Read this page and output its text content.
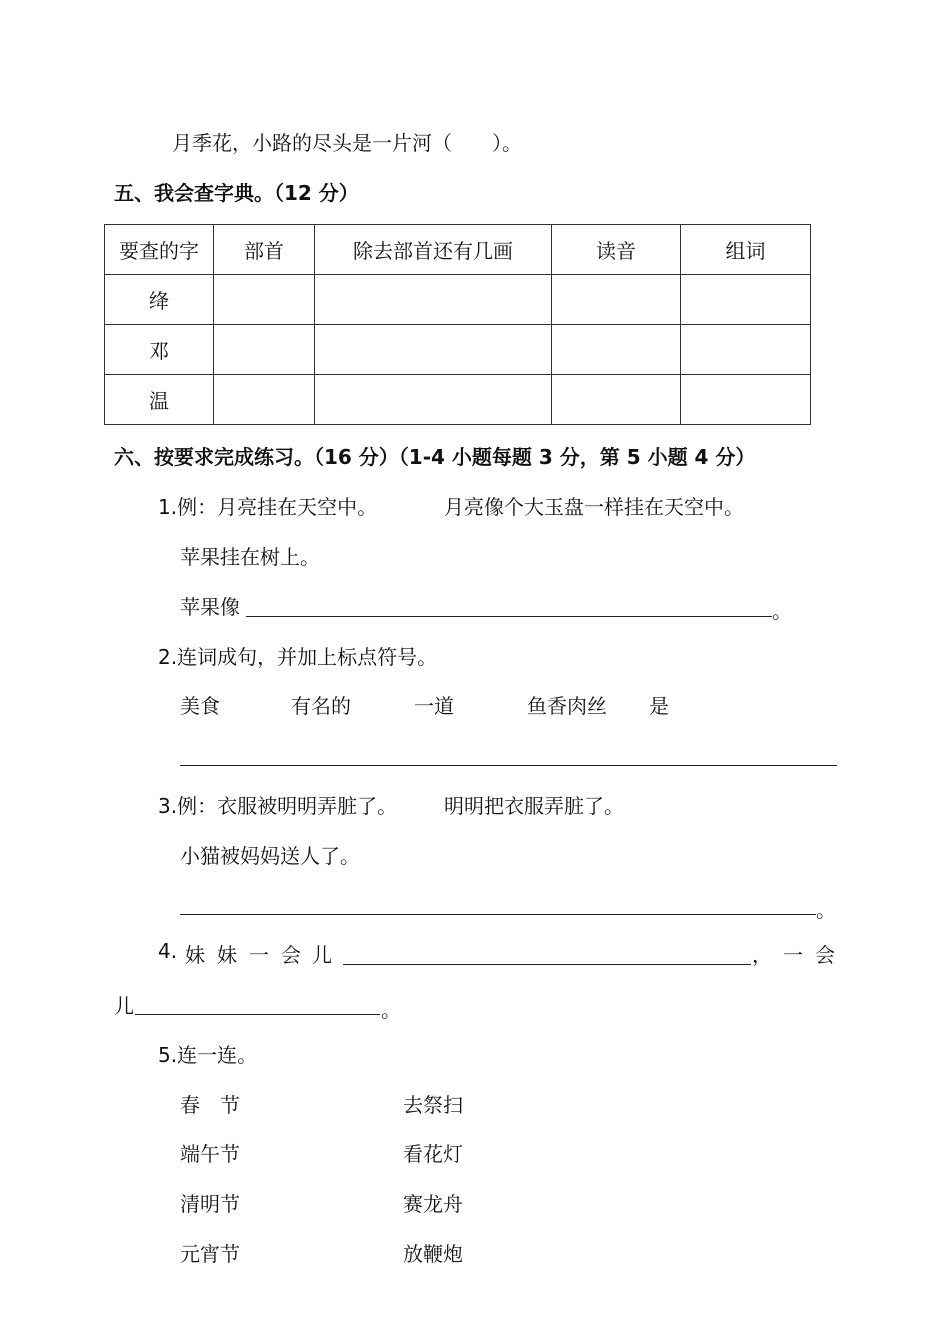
月季花，小路的尽头是一片河（　　）。
五、我会查字典。（12 分）
要查的字	部首	除去部首还有几画	读音	组词
绛				
邓				
温				
六、按要求完成练习。（16 分）（1-4 小题每题 3 分，第 5 小题 4 分）
1.例：月亮挂在天空中。	月亮像个大玉盘一样挂在天空中。
苹果挂在树上。
苹果像	。
2.连词成句，并加上标点符号。
美食	有名的	一道	鱼香肉丝 是
3.例：衣服被明明弄脏了。 明明把衣服弄脏了。
小猫被妈妈送人了。
。
4. 妹 妹 一 会 儿	， 一 会
儿	。
5.连一连。
春　节	去祭扫
端午节	看花灯
清明节	赛龙舟
元宵节	放鞭炮
